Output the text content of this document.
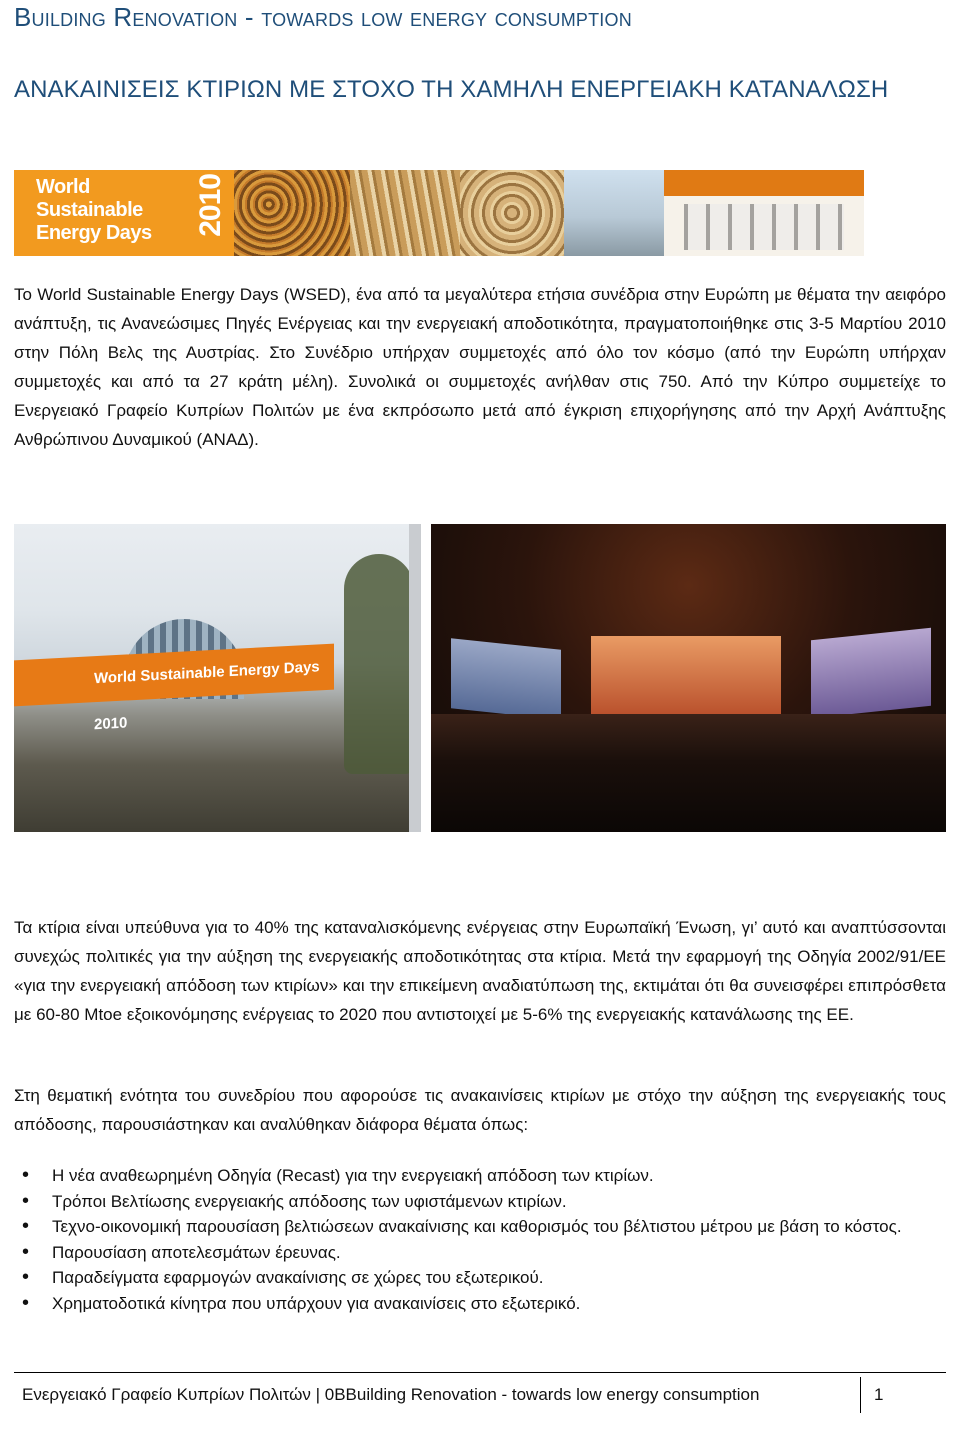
Building Renovation - towards low energy consumption
ΑΝΑΚΑΙΝΙΣΕΙΣ ΚΤΙΡΙΩΝ ΜΕ ΣΤΟΧΟ ΤΗ ΧΑΜΗΛΗ ΕΝΕΡΓΕΙΑΚΗ ΚΑΤΑΝΑΛΩΣΗ
World
Sustainable
Energy Days 2010

Το World Sustainable Energy Days (WSED), ένα από τα μεγαλύτερα ετήσια συνέδρια στην Ευρώπη με θέματα την αειφόρο ανάπτυξη, τις Ανανεώσιμες Πηγές Ενέργειας και την ενεργειακή αποδοτικότητα, πραγματοποιήθηκε στις 3-5 Μαρτίου 2010 στην Πόλη Βελς της Αυστρίας. Στο Συνέδριο υπήρχαν συμμετοχές από όλο τον κόσμο (από την Ευρώπη υπήρχαν συμμετοχές και από τα 27 κράτη μέλη). Συνολικά οι συμμετοχές ανήλθαν στις 750. Από την Κύπρο συμμετείχε το Ενεργειακό Γραφείο Κυπρίων Πολιτών με ένα εκπρόσωπο μετά από έγκριση επιχορήγησης από την Αρχή Ανάπτυξης Ανθρώπινου Δυναμικού (ΑΝΑΔ).

World Sustainable Energy Days 2010

Τα κτίρια είναι υπεύθυνα για το 40% της καταναλισκόμενης ενέργειας στην Ευρωπαϊκή Ένωση, γι’ αυτό και αναπτύσσονται συνεχώς πολιτικές για την αύξηση της ενεργειακής αποδοτικότητας στα κτίρια. Μετά την εφαρμογή της Οδηγία 2002/91/ΕΕ «για την ενεργειακή απόδοση των κτιρίων» και την επικείμενη αναδιατύπωση της, εκτιμάται ότι θα συνεισφέρει επιπρόσθετα με 60-80 Mtoe εξοικονόμησης ενέργειας το 2020 που αντιστοιχεί με 5-6% της ενεργειακής κατανάλωσης της ΕΕ.

Στη θεματική ενότητα του συνεδρίου που αφορούσε τις ανακαινίσεις κτιρίων με στόχο την αύξηση της ενεργειακής τους απόδοσης, παρουσιάστηκαν και αναλύθηκαν διάφορα θέματα όπως:

• Η νέα αναθεωρημένη Οδηγία (Recast) για την ενεργειακή απόδοση των κτιρίων.
• Τρόποι Βελτίωσης ενεργειακής απόδοσης των υφιστάμενων κτιρίων.
• Τεχνο-οικονομική παρουσίαση βελτιώσεων ανακαίνισης και καθορισμός του βέλτιστου μέτρου με βάση το κόστος.
• Παρουσίαση αποτελεσμάτων έρευνας.
• Παραδείγματα εφαρμογών ανακαίνισης σε χώρες του εξωτερικού.
• Χρηματοδοτικά κίνητρα που υπάρχουν για ανακαινίσεις στο εξωτερικό.
Ενεργειακό Γραφείο Κυπρίων Πολιτών | 0BBuilding Renovation - towards low energy consumption	1
